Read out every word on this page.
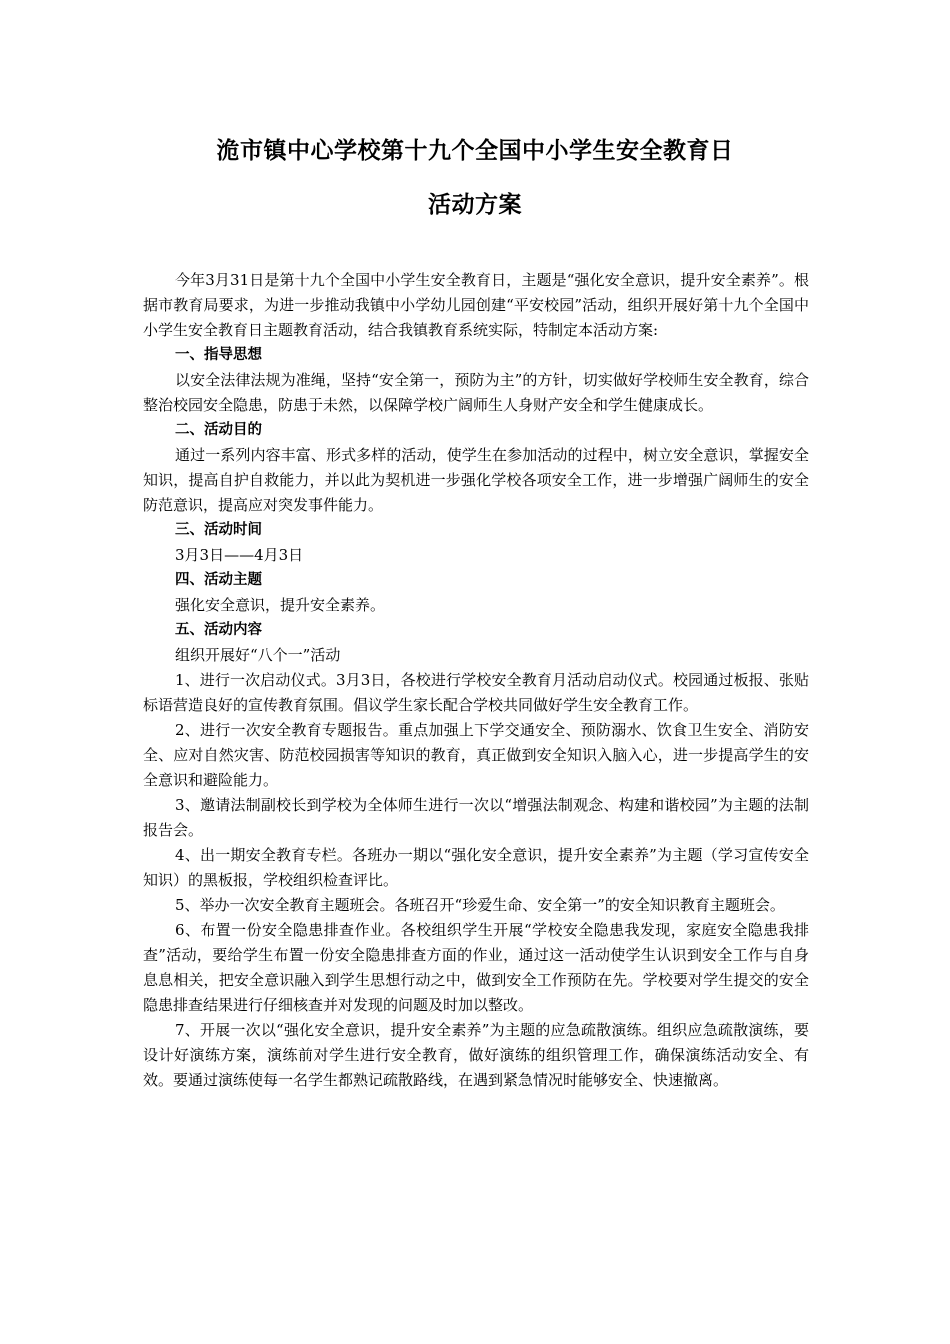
洈市镇中心学校第十九个全国中小学生安全教育日
活动方案

今年3月31日是第十九个全国中小学生安全教育日，主题是“强化安全意识，提升安全素养”。根据市教育局要求，为进一步推动我镇中小学幼儿园创建“平安校园”活动，组织开展好第十九个全国中小学生安全教育日主题教育活动，结合我镇教育系统实际，特制定本活动方案:

一、指导思想

以安全法律法规为准绳，坚持“安全第一，预防为主”的方针，切实做好学校师生安全教育，综合整治校园安全隐患，防患于未然，以保障学校广阔师生人身财产安全和学生健康成长。

二、活动目的

通过一系列内容丰富、形式多样的活动，使学生在参加活动的过程中，树立安全意识，掌握安全知识，提高自护自救能力，并以此为契机进一步强化学校各项安全工作，进一步增强广阔师生的安全防范意识，提高应对突发事件能力。

三、活动时间

3月3日——4月3日

四、活动主题

强化安全意识，提升安全素养。

五、活动内容

组织开展好“八个一”活动

1、进行一次启动仪式。3月3日，各校进行学校安全教育月活动启动仪式。校园通过板报、张贴标语营造良好的宣传教育氛围。倡议学生家长配合学校共同做好学生安全教育工作。

2、进行一次安全教育专题报告。重点加强上下学交通安全、预防溺水、饮食卫生安全、消防安全、应对自然灾害、防范校园损害等知识的教育，真正做到安全知识入脑入心，进一步提高学生的安全意识和避险能力。

3、邀请法制副校长到学校为全体师生进行一次以“增强法制观念、构建和谐校园”为主题的法制报告会。

4、出一期安全教育专栏。各班办一期以“强化安全意识，提升安全素养”为主题（学习宣传安全知识）的黑板报，学校组织检查评比。

5、举办一次安全教育主题班会。各班召开“珍爱生命、安全第一”的安全知识教育主题班会。

6、布置一份安全隐患排查作业。各校组织学生开展“学校安全隐患我发现，家庭安全隐患我排查”活动，要给学生布置一份安全隐患排查方面的作业，通过这一活动使学生认识到安全工作与自身息息相关，把安全意识融入到学生思想行动之中，做到安全工作预防在先。学校要对学生提交的安全隐患排查结果进行仔细核查并对发现的问题及时加以整改。

7、开展一次以“强化安全意识，提升安全素养”为主题的应急疏散演练。组织应急疏散演练，要设计好演练方案，演练前对学生进行安全教育，做好演练的组织管理工作，确保演练活动安全、有效。要通过演练使每一名学生都熟记疏散路线，在遇到紧急情况时能够安全、快速撤离。
